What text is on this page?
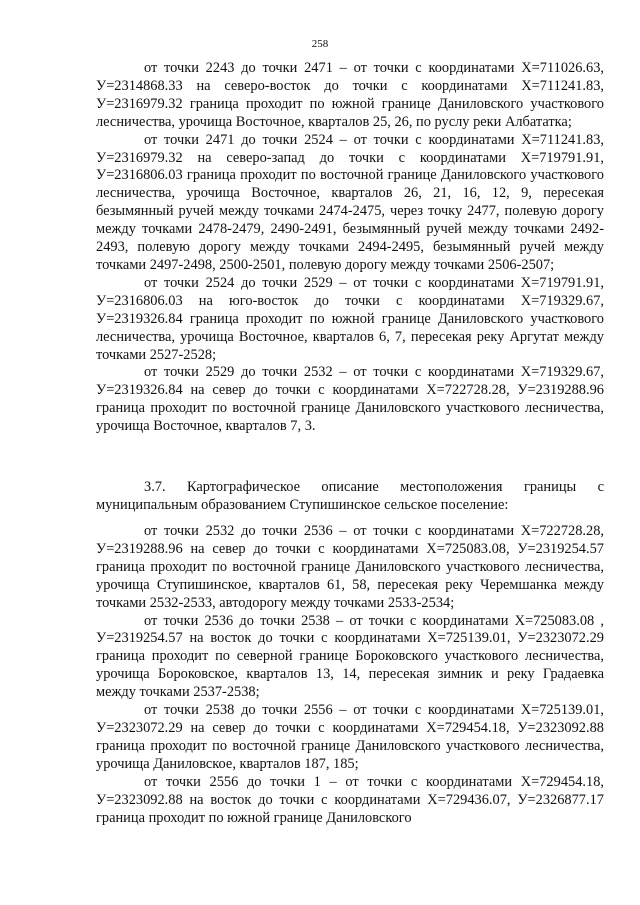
258

от точки 2243 до точки 2471 – от точки с координатами Х=711026.63, У=2314868.33 на северо-восток до точки с координатами Х=711241.83, У=2316979.32 граница проходит по южной границе Даниловского участкового лесничества, урочища Восточное, кварталов 25, 26, по руслу реки Албататка;

от точки 2471 до точки 2524 – от точки с координатами Х=711241.83, У=2316979.32 на северо-запад до точки с координатами Х=719791.91, У=2316806.03 граница проходит по восточной границе Даниловского участкового лесничества, урочища Восточное, кварталов 26, 21, 16, 12, 9, пересекая безымянный ручей между точками 2474-2475, через точку 2477, полевую дорогу между точками 2478-2479, 2490-2491, безымянный ручей между точками 2492-2493, полевую дорогу между точками 2494-2495, безымянный ручей между точками 2497-2498, 2500-2501, полевую дорогу между точками 2506-2507;

от точки 2524 до точки 2529 – от точки с координатами Х=719791.91, У=2316806.03 на юго-восток до точки с координатами Х=719329.67, У=2319326.84 граница проходит по южной границе Даниловского участкового лесничества, урочища Восточное, кварталов 6, 7, пересекая реку Аргутат между точками 2527-2528;

от точки 2529 до точки 2532 – от точки с координатами Х=719329.67, У=2319326.84 на север до точки с координатами Х=722728.28, У=2319288.96 граница проходит по восточной границе Даниловского участкового лесничества, урочища Восточное, кварталов 7, 3.

3.7. Картографическое описание местоположения границы с муниципальным образованием Ступишинское сельское поселение:

от точки 2532 до точки 2536 – от точки с координатами Х=722728.28, У=2319288.96 на север до точки с координатами Х=725083.08, У=2319254.57 граница проходит по восточной границе Даниловского участкового лесничества, урочища Ступишинское, кварталов 61, 58, пересекая реку Черемшанка между точками 2532-2533, автодорогу между точками 2533-2534;

от точки 2536 до точки 2538 – от точки с координатами Х=725083.08 , У=2319254.57 на восток до точки с координатами Х=725139.01, У=2323072.29 граница проходит по северной границе Бороковского участкового лесничества, урочища Бороковское, кварталов 13, 14, пересекая зимник и реку Градаевка между точками 2537-2538;

от точки 2538 до точки 2556 – от точки с координатами Х=725139.01, У=2323072.29 на север до точки с координатами Х=729454.18, У=2323092.88 граница проходит по восточной границе Даниловского участкового лесничества, урочища Даниловское, кварталов 187, 185;

от точки 2556 до точки 1 – от точки с координатами Х=729454.18, У=2323092.88 на восток до точки с координатами Х=729436.07, У=2326877.17 граница проходит по южной границе Даниловского
